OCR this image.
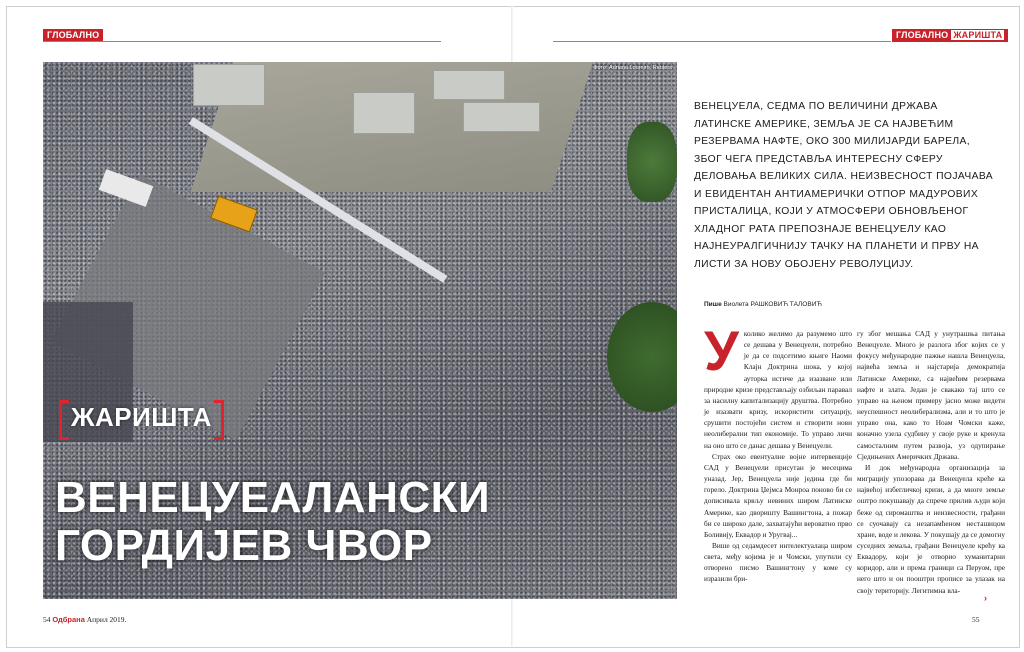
ГЛОБАЛНО	ГЛОБАЛНО ЖАРИШТА
Фото: Adriana Loureiro, Reuters
ЖАРИШТА
ВЕНЕЦУЕАЛАНСКИ
ГОРДИЈЕВ ЧВОР
ВЕНЕЦУЕЛА, СЕДМА ПО ВЕЛИЧИНИ ДРЖАВА ЛАТИНСКЕ АМЕРИКЕ, ЗЕМЉА ЈЕ СА НАЈВЕЋИМ РЕЗЕРВАМА НАФТЕ, ОКО 300 МИЛИЈАРДИ БАРЕЛА, ЗБОГ ЧЕГА ПРЕДСТАВЉА ИНТЕРЕСНУ СФЕРУ ДЕЛОВАЊА ВЕЛИКИХ СИЛА. НЕИЗВЕСНОСТ ПОЈАЧАВА И ЕВИДЕНТАН АНТИАМЕРИЧКИ ОТПОР МАДУРОВИХ ПРИСТАЛИЦА, КОЈИ У АТМОСФЕРИ ОБНОВЉЕНОГ ХЛАДНОГ РАТА ПРЕПОЗНАЈЕ ВЕНЕЦУЕЛУ КАО НАЈНЕУРАЛГИЧНИЈУ ТАЧКУ НА ПЛАНЕТИ И ПРВУ НА ЛИСТИ ЗА НОВУ ОБОЈЕНУ РЕВОЛУЦИЈУ.
Пише Виолета РАШКОВИЋ ТАЛОВИЋ

Уколико желимо да разумемо што се дешава у Венецуели, потребно је да се подсетимо књиге Наоми Клајн Доктрина шока, у којој ауторка истиче да изазване или природне кризе представљају озбиљан паравал за насилну капитализацију друштва. Потребно је изазвати кризу, искористити ситуацију, срушити постојећи систем и створити нови неолиберални тип економије. То управо личи на оно што се данас дешава у Венецуели.

Страх око евентуалне војне интервенције САД у Венецуели присутан је месецима уназад. Јер, Венецуела није једина где би горело. Доктрина Џејмса Монроа поново би се дописивала крвљу невиних широм Латинске Америке, као дворишту Вашингтона, а пожар би се широко дале, захватајући вероватно прво Боливију, Еквадор и Уругвај...

Више од седамдесет интелектуалаца широм света, међу којима је и Чомски, упутили су отворено писмо Вашингтону у коме су изразили бри-

гу због мешања САД у унутрашња питања Венецуеле. Много је разлога због којих се у фокусу међународне пажње нашла Венецуела, највећа земља и најстарија демократија Латинске Америке, са највећим резервама нафте и злата. Један је свакако тај што се управо на њеном примеру јасно може видети неуспешност неолиберализма, али и то што је управо она, како то Ноам Чомски каже, коначно узела судбину у своје руке и кренула самосталним путем развоја, уз одупирање Сједињених Америчких Држава.

И док међународна организација за миграцију упозорава да Венецуела креће ка највећој избегличкој кризи, а да многе земље оштро покушавају да спрече прилив људи који беже од сиромаштва и неизвесности, грађани се суочавају са незапамћеном несташицом хране, воде и лекова. У покушају да се домогну суседних земаља, грађани Венецуеле крећу ка Еквадору, који је отворио хуманитарни коридор, али и према граници са Перуом, пре него што и он пооштри прописе за улазак на своју територију. Легитимна вла-

›
54 Одбрана Април 2019.	55
